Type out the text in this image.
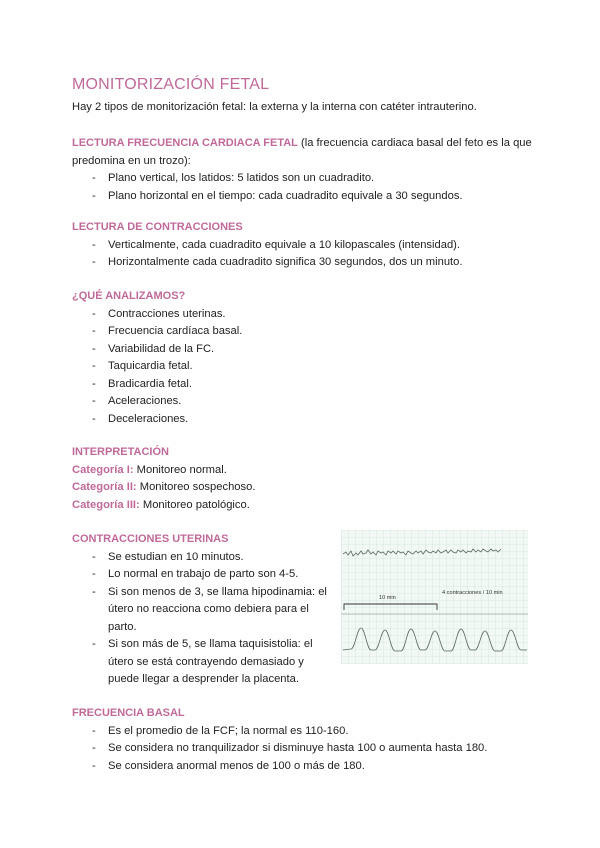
MONITORIZACIÓN FETAL
Hay 2 tipos de monitorización fetal: la externa y la interna con catéter intrauterino.

LECTURA FRECUENCIA CARDIACA FETAL (la frecuencia cardiaca basal del feto es la que predomina en un trozo):

- Plano vertical, los latidos: 5 latidos son un cuadradito.
- Plano horizontal en el tiempo: cada cuadradito equivale a 30 segundos.

LECTURA DE CONTRACCIONES

- Verticalmente, cada cuadradito equivale a 10 kilopascales (intensidad).
- Horizontalmente cada cuadradito significa 30 segundos, dos un minuto.

¿QUÉ ANALIZAMOS?

- Contracciones uterinas.
- Frecuencia cardíaca basal.
- Variabilidad de la FC.
- Taquicardia fetal.
- Bradicardia fetal.
- Aceleraciones.
- Deceleraciones.

INTERPRETACIÓN

Categoría I: Monitoreo normal.

Categoría II: Monitoreo sospechoso.

Categoría III: Monitoreo patológico.

CONTRACCIONES UTERINAS

- Se estudian en 10 minutos.
- Lo normal en trabajo de parto son 4-5.
- Si son menos de 3, se llama hipodinamia: el útero no reacciona como debiera para el parto.
- Si son más de 5, se llama taquisistolia: el útero se está contrayendo demasiado y puede llegar a desprender la placenta.
10 min
4 contracciones / 10 min

FRECUENCIA BASAL

- Es el promedio de la FCF; la normal es 110-160.
- Se considera no tranquilizador si disminuye hasta 100 o aumenta hasta 180.
- Se considera anormal menos de 100 o más de 180.
